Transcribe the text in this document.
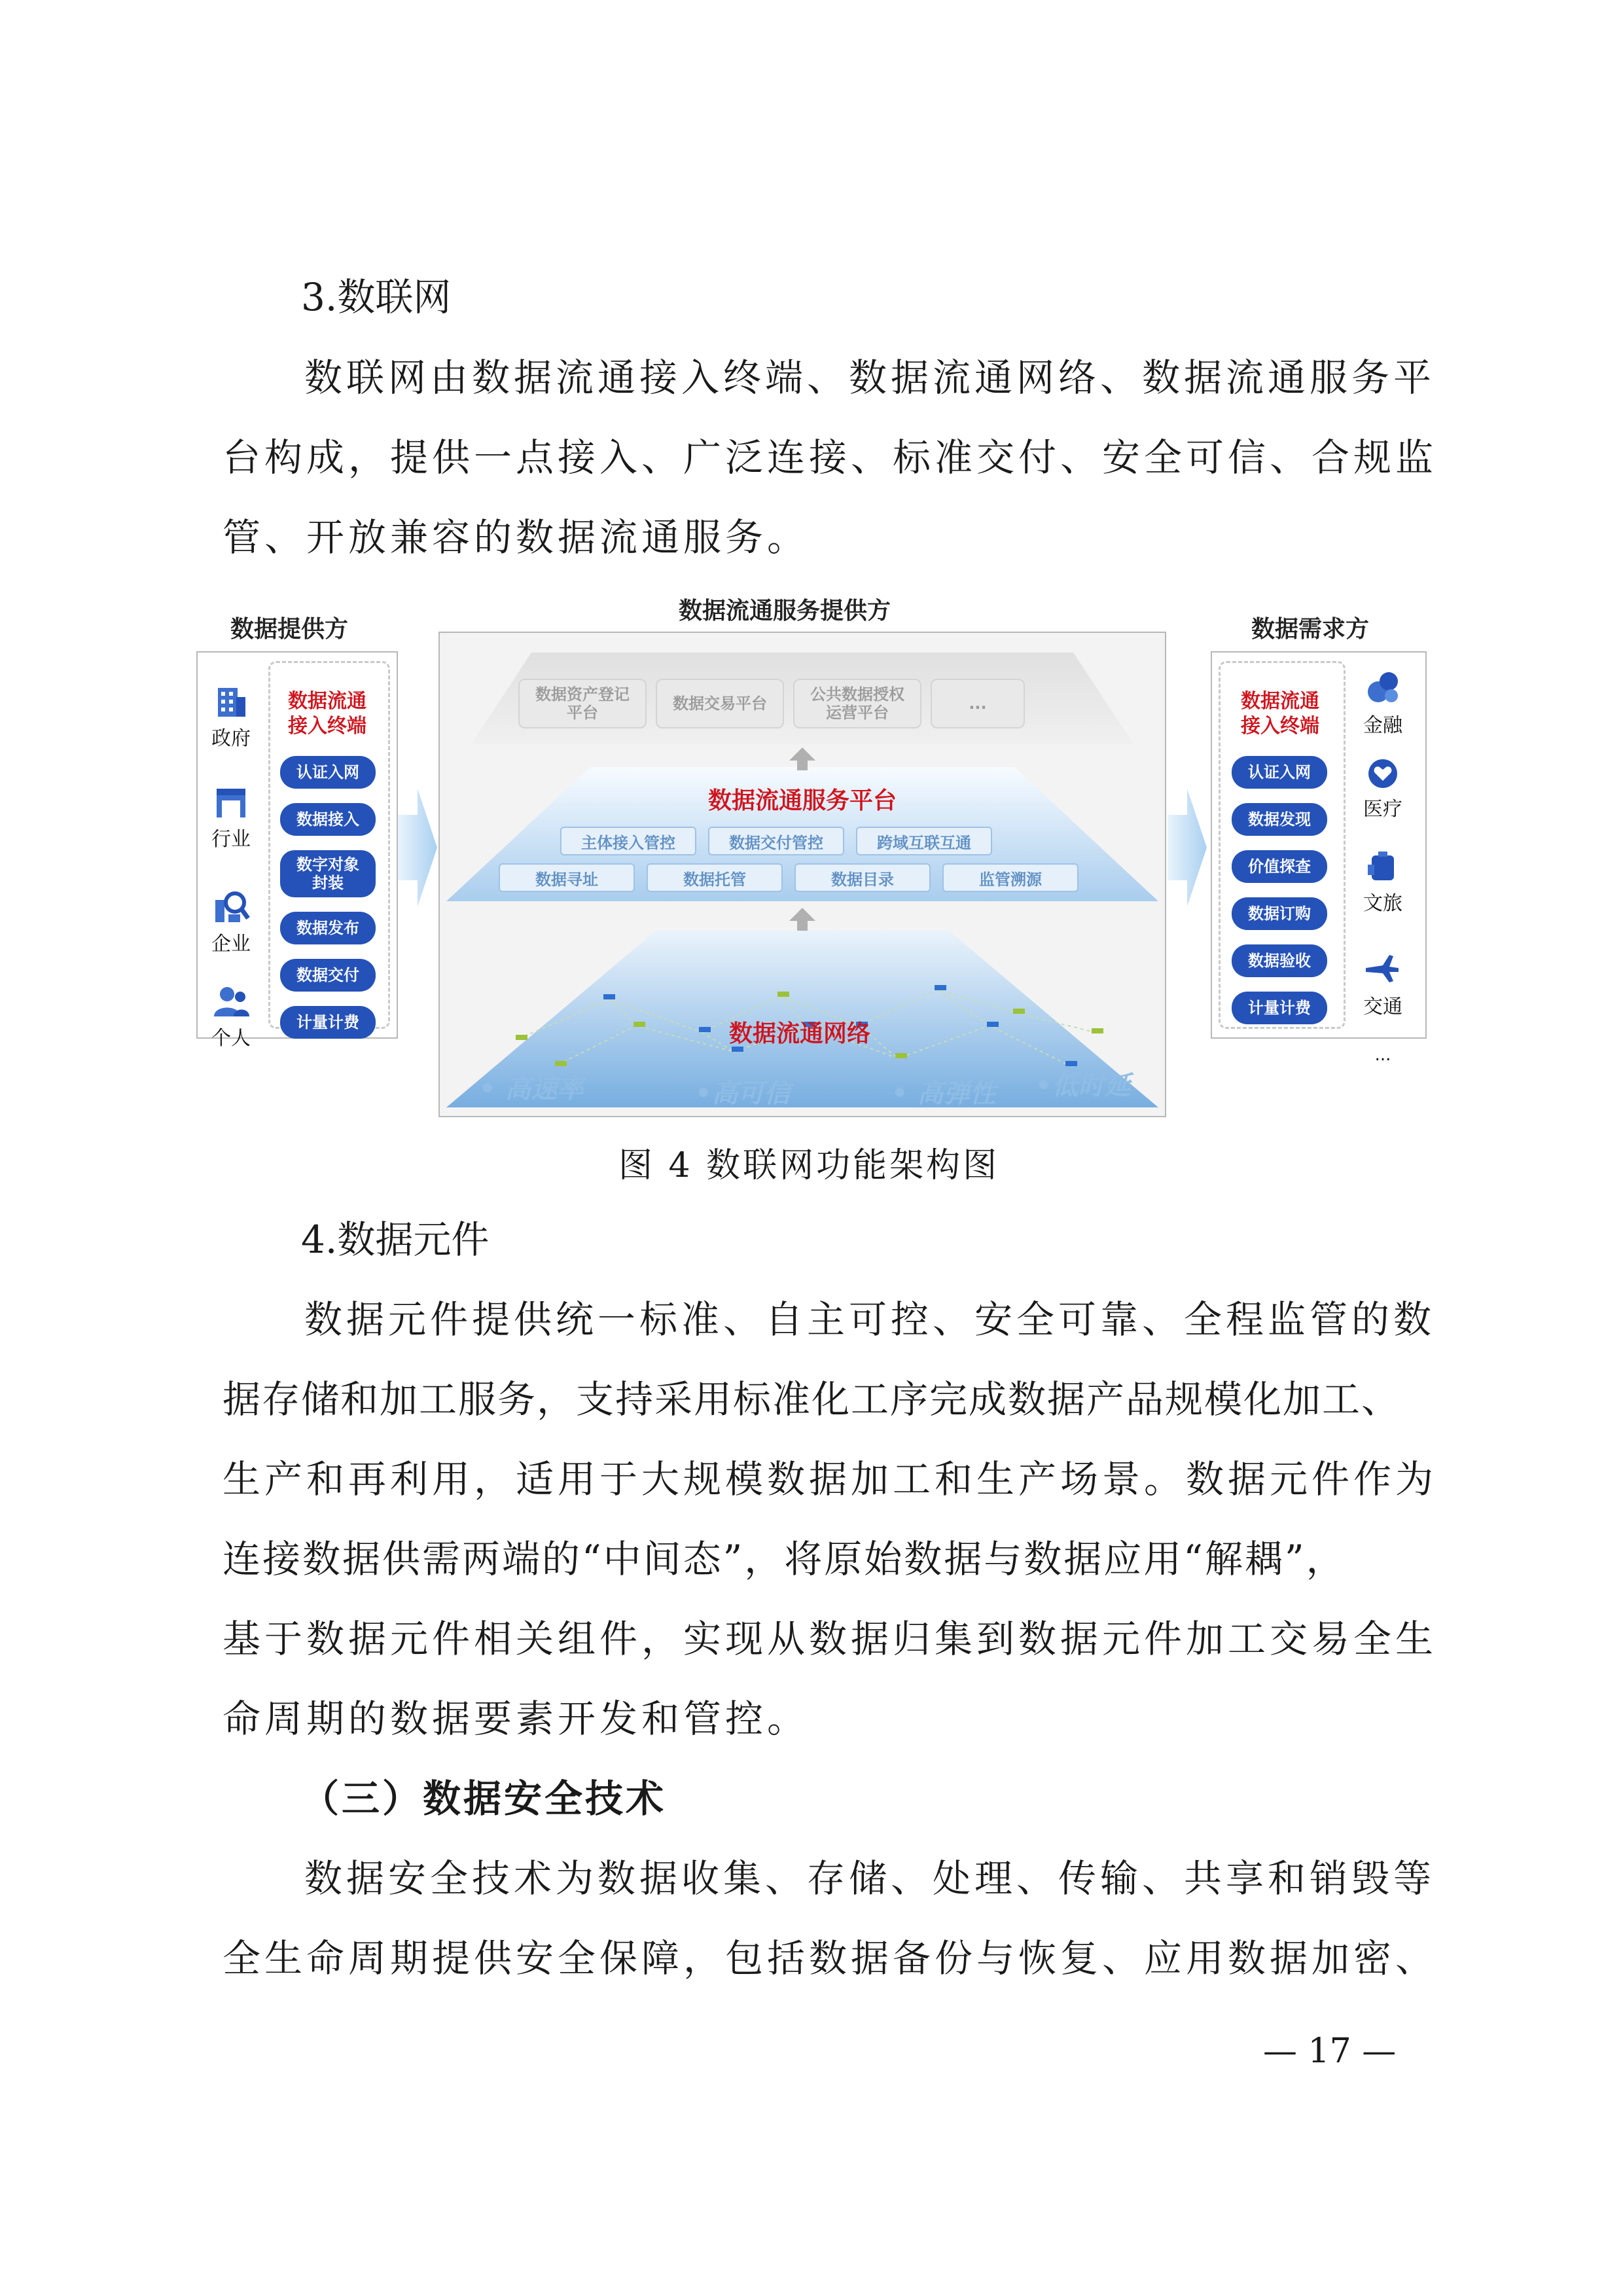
3.数联网
数联网由数据流通接入终端、数据流通网络、数据流通服务平
台构成，提供一点接入、广泛连接、标准交付、安全可信、合规监
管、开放兼容的数据流通服务。
数据提供方
数据流通
接入终端
政府
行业
企业
个人
认证入网
数据接入
数字对象
封装
数据发布
数据交付
计量计费
数据流通服务提供方
数据资产登记
平台	数据交易平台	公共数据授权
运营平台	...
数据流通服务平台
主体接入管控	数据交付管控	跨域互联互通
数据寻址	数据托管	数据目录	监管溯源
数据流通网络
• 高速率	•高可信	• 高弹性 •低时延
数据需求方
数据流通
接入终端
认证入网
数据发现
价值探查
数据订购
数据验收
计量计费
金融
医疗
文旅
交通
...
图 4 数联网功能架构图
4.数据元件
数据元件提供统一标准、自主可控、安全可靠、全程监管的数
据存储和加工服务，支持采用标准化工序完成数据产品规模化加工、
生产和再利用，适用于大规模数据加工和生产场景。数据元件作为
连接数据供需两端的“中间态”，将原始数据与数据应用“解耦”，
基于数据元件相关组件，实现从数据归集到数据元件加工交易全生
命周期的数据要素开发和管控。
（三）数据安全技术
数据安全技术为数据收集、存储、处理、传输、共享和销毁等
全生命周期提供安全保障，包括数据备份与恢复、应用数据加密、
— 17 —
